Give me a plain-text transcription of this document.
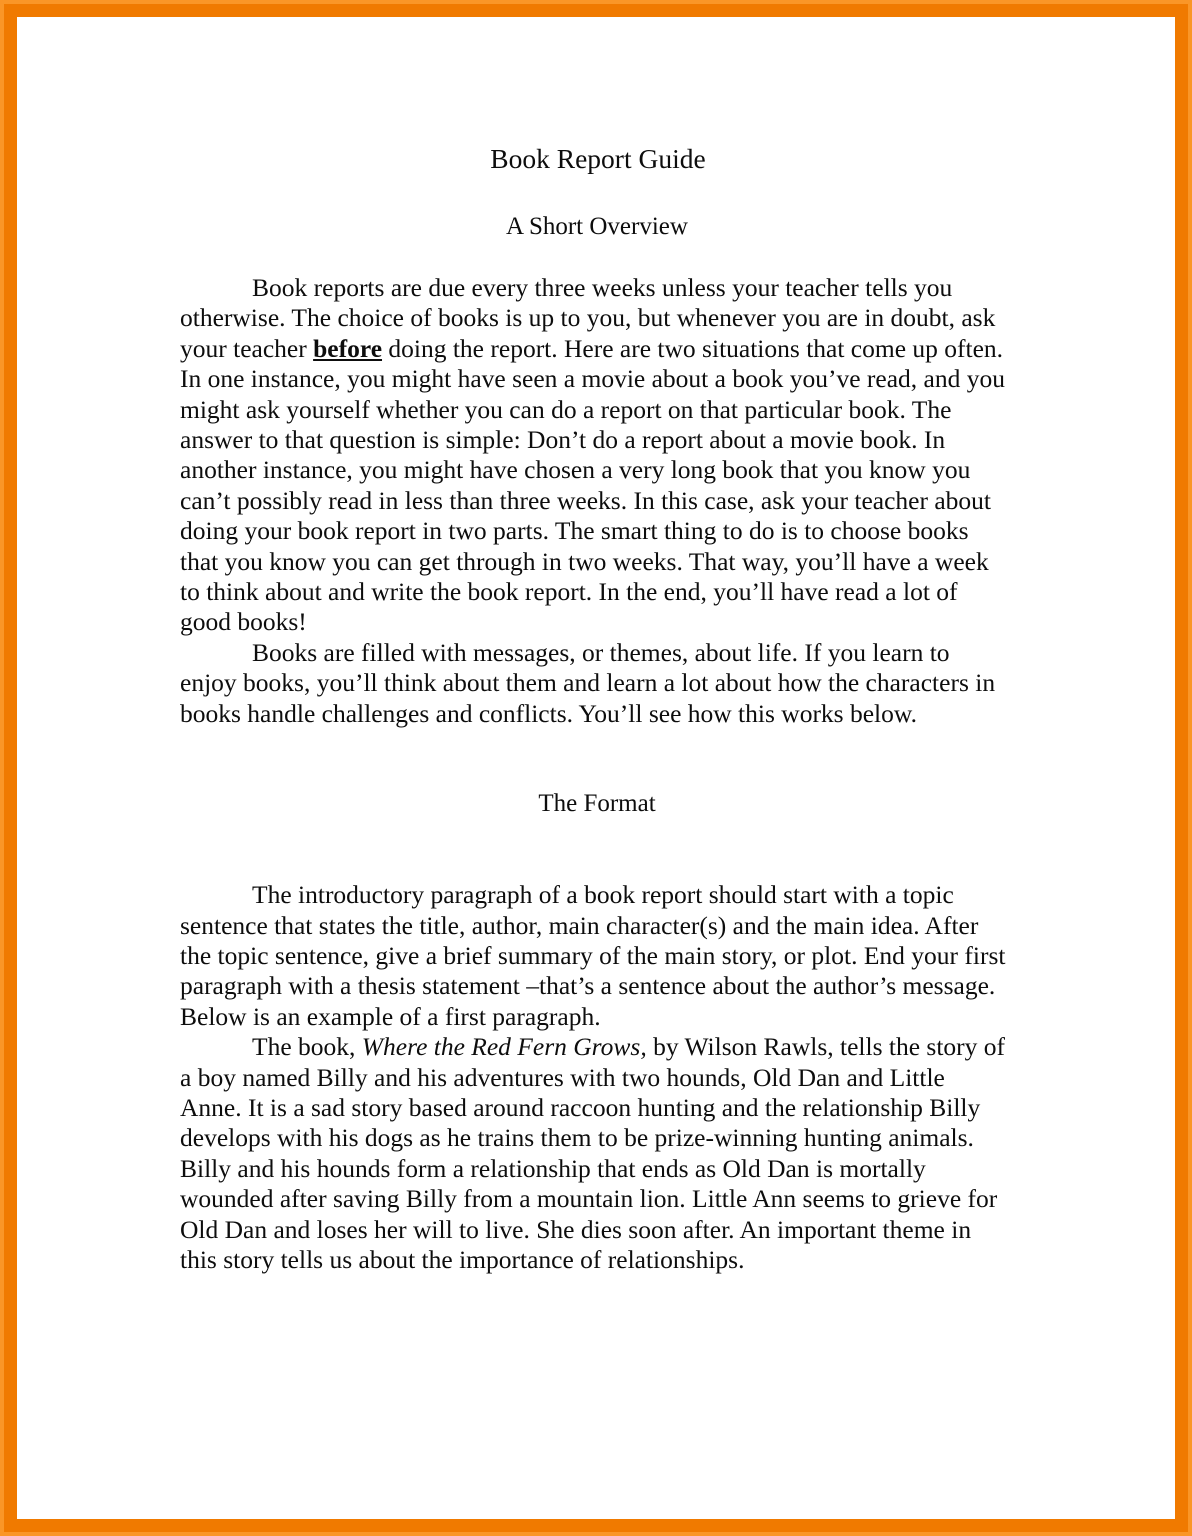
Book Report Guide
A Short Overview

Book reports are due every three weeks unless your teacher tells you otherwise. The choice of books is up to you, but whenever you are in doubt, ask your teacher before doing the report. Here are two situations that come up often. In one instance, you might have seen a movie about a book you’ve read, and you might ask yourself whether you can do a report on that particular book. The answer to that question is simple: Don’t do a report about a movie book. In another instance, you might have chosen a very long book that you know you can’t possibly read in less than three weeks. In this case, ask your teacher about doing your book report in two parts. The smart thing to do is to choose books that you know you can get through in two weeks. That way, you’ll have a week to think about and write the book report. In the end, you’ll have read a lot of good books!

Books are filled with messages, or themes, about life. If you learn to enjoy books, you’ll think about them and learn a lot about how the characters in books handle challenges and conflicts. You’ll see how this works below.

The Format

The introductory paragraph of a book report should start with a topic sentence that states the title, author, main character(s) and the main idea. After the topic sentence, give a brief summary of the main story, or plot. End your first paragraph with a thesis statement –that’s a sentence about the author’s message. Below is an example of a first paragraph.

The book, Where the Red Fern Grows, by Wilson Rawls, tells the story of a boy named Billy and his adventures with two hounds, Old Dan and Little Anne. It is a sad story based around raccoon hunting and the relationship Billy develops with his dogs as he trains them to be prize-winning hunting animals. Billy and his hounds form a relationship that ends as Old Dan is mortally wounded after saving Billy from a mountain lion. Little Ann seems to grieve for Old Dan and loses her will to live. She dies soon after. An important theme in this story tells us about the importance of relationships.
